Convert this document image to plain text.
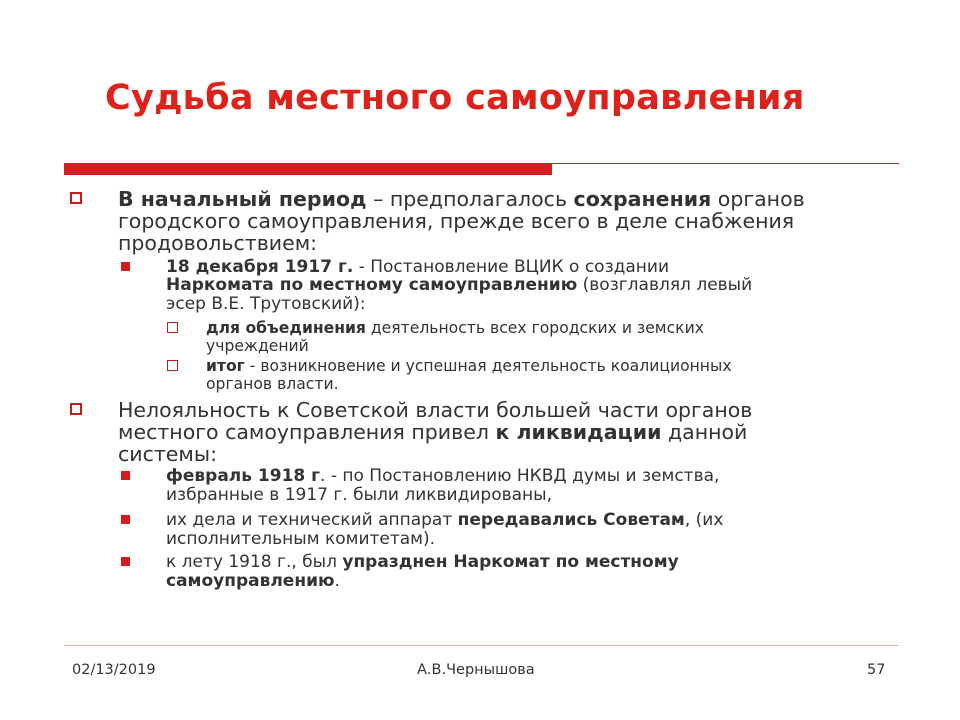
Судьба местного самоуправления
В начальный период – предполагалось сохранения органов
городского самоуправления, прежде всего в деле снабжения
продовольствием:
18 декабря 1917 г. - Постановление ВЦИК о создании
Наркомата по местному самоуправлению (возглавлял левый
эсер В.Е. Трутовский):
для объединения деятельность всех городских и земских
учреждений
итог - возникновение и успешная деятельность коалиционных
органов власти.
Нелояльность к Советской власти большей части органов
местного самоуправления привел к ликвидации данной
системы:
февраль 1918 г. - по Постановлению НКВД думы и земства,
избранные в 1917 г. были ликвидированы,
их дела и технический аппарат передавались Советам, (их
исполнительным комитетам).
к лету 1918 г., был упразднен Наркомат по местному
самоуправлению.
02/13/2019	А.В.Чернышова	57
